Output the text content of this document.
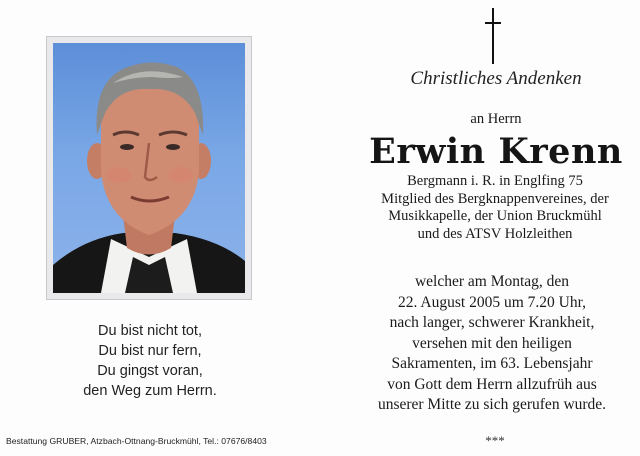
Du bist nicht tot,
Du bist nur fern,
Du gingst voran,
den Weg zum Herrn.
Bestattung GRUBER, Atzbach-Ottnang-Bruckmühl, Tel.: 07676/8403
Christliches Andenken
an Herrn
Erwin Krenn
Bergmann i. R. in Englfing 75
Mitglied des Bergknappenvereines, der
Musikkapelle, der Union Bruckmühl
und des ATSV Holzleithen
welcher am Montag, den
22. August 2005 um 7.20 Uhr,
nach langer, schwerer Krankheit,
versehen mit den heiligen
Sakramenten, im 63. Lebensjahr
von Gott dem Herrn allzufrüh aus
unserer Mitte zu sich gerufen wurde.
***
